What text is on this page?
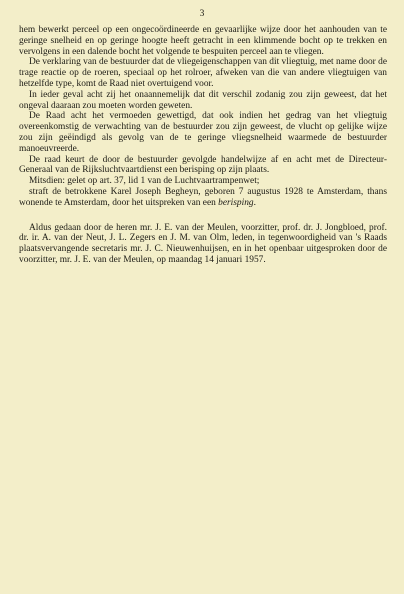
3

hem bewerkt perceel op een ongecoördineerde en gevaarlijke wijze door het aanhouden van te geringe snelheid en op geringe hoogte heeft getracht in een klimmende bocht op te trekken en vervolgens in een dalende bocht het volgende te bespuiten perceel aan te vliegen.

De verklaring van de bestuurder dat de vliegeigenschappen van dit vliegtuig, met name door de trage reactie op de roeren, speciaal op het rolroer, afweken van die van andere vliegtuigen van hetzelfde type, komt de Raad niet overtuigend voor.

In ieder geval acht zij het onaannemelijk dat dit verschil zodanig zou zijn geweest, dat het ongeval daaraan zou moeten worden geweten.

De Raad acht het vermoeden gewettigd, dat ook indien het gedrag van het vliegtuig overeenkomstig de verwachting van de bestuurder zou zijn geweest, de vlucht op gelijke wijze zou zijn geëindigd als gevolg van de te geringe vliegsnelheid waarmede de bestuurder manoeuvreerde.

De raad keurt de door de bestuurder gevolgde handelwijze af en acht met de Directeur-Generaal van de Rijksluchtvaartdienst een berisping op zijn plaats.

Mitsdien: gelet op art. 37, lid 1 van de Luchtvaartrampenwet;

straft de betrokkene Karel Joseph Begheyn, geboren 7 augustus 1928 te Amsterdam, thans wonende te Amsterdam, door het uitspreken van een berisping.

Aldus gedaan door de heren mr. J. E. van der Meulen, voorzitter, prof. dr. J. Jongbloed, prof. dr. ir. A. van der Neut, J. L. Zegers en J. M. van Olm, leden, in tegenwoordigheid van 's Raads plaatsvervangende secretaris mr. J. C. Nieuwenhuijsen, en in het openbaar uitgesproken door de voorzitter, mr. J. E. van der Meulen, op maandag 14 januari 1957.
